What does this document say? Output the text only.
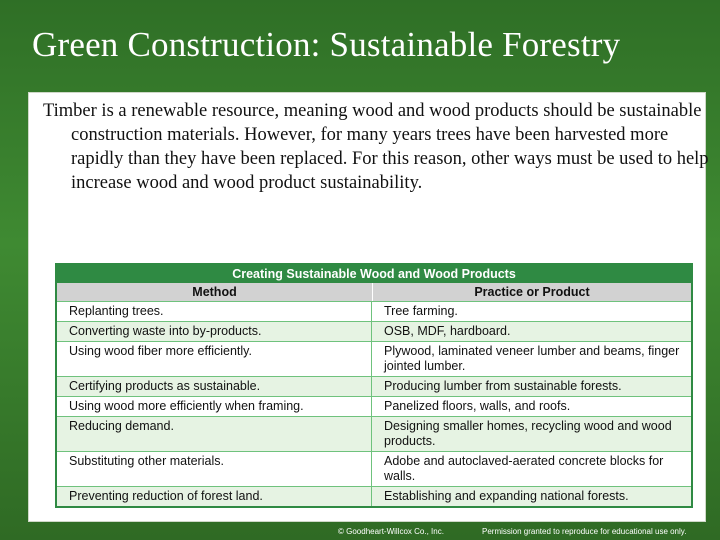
Green Construction: Sustainable Forestry

Timber is a renewable resource, meaning wood and wood products should be sustainable construction materials. However, for many years trees have been harvested more rapidly than they have been replaced. For this reason, other ways must be used to help increase wood and wood product sustainability.

Creating Sustainable Wood and Wood Products
Method	Practice or Product
Replanting trees.	Tree farming.
Converting waste into by-products.	OSB, MDF, hardboard.
Using wood fiber more efficiently.	Plywood, laminated veneer lumber and beams, finger jointed lumber.
Certifying products as sustainable.	Producing lumber from sustainable forests.
Using wood more efficiently when framing.	Panelized floors, walls, and roofs.
Reducing demand.	Designing smaller homes, recycling wood and wood products.
Substituting other materials.	Adobe and autoclaved-aerated concrete blocks for walls.
Preventing reduction of forest land.	Establishing and expanding national forests.
© Goodheart-Willcox Co., Inc.	Permission granted to reproduce for educational use only.
